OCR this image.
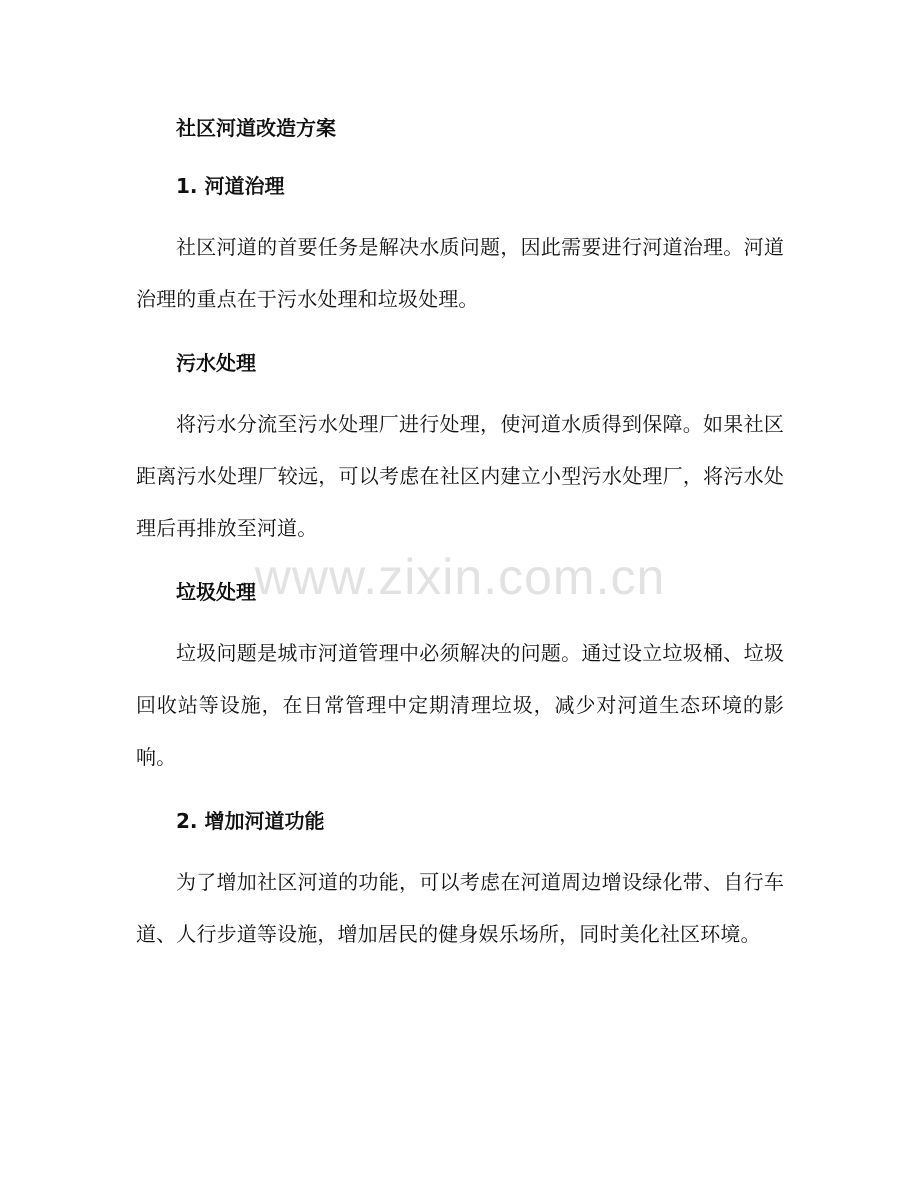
社区河道改造方案
1. 河道治理

社区河道的首要任务是解决水质问题，因此需要进行河道治理。河道治理的重点在于污水处理和垃圾处理。

污水处理

将污水分流至污水处理厂进行处理，使河道水质得到保障。如果社区距离污水处理厂较远，可以考虑在社区内建立小型污水处理厂，将污水处理后再排放至河道。

垃圾处理

垃圾问题是城市河道管理中必须解决的问题。通过设立垃圾桶、垃圾回收站等设施，在日常管理中定期清理垃圾，减少对河道生态环境的影响。

2. 增加河道功能

为了增加社区河道的功能，可以考虑在河道周边增设绿化带、自行车道、人行步道等设施，增加居民的健身娱乐场所，同时美化社区环境。

www.zixin.com.cn
